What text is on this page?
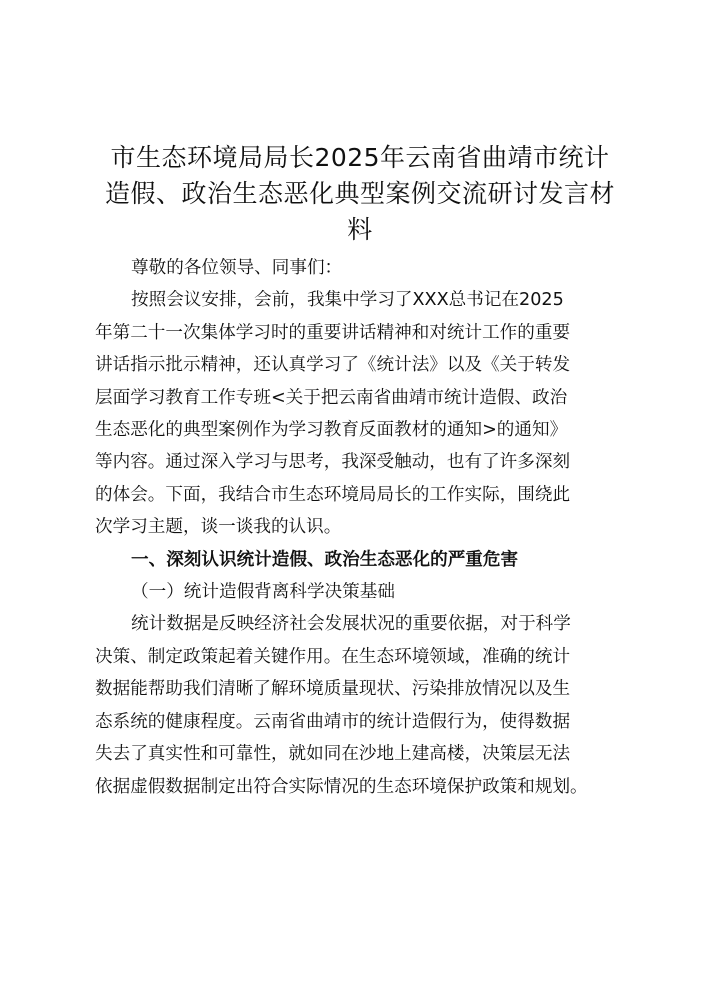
市生态环境局局长2025年云南省曲靖市统计
造假、政治生态恶化典型案例交流研讨发言材
料
尊敬的各位领导、同事们：
按照会议安排，会前，我集中学习了XXX总书记在2025
年第二十一次集体学习时的重要讲话精神和对统计工作的重要
讲话指示批示精神，还认真学习了《统计法》以及《关于转发
层面学习教育工作专班<关于把云南省曲靖市统计造假、政治
生态恶化的典型案例作为学习教育反面教材的通知>的通知》
等内容。通过深入学习与思考，我深受触动，也有了许多深刻
的体会。下面，我结合市生态环境局局长的工作实际，围绕此
次学习主题，谈一谈我的认识。
一、深刻认识统计造假、政治生态恶化的严重危害
（一）统计造假背离科学决策基础
统计数据是反映经济社会发展状况的重要依据，对于科学
决策、制定政策起着关键作用。在生态环境领域，准确的统计
数据能帮助我们清晰了解环境质量现状、污染排放情况以及生
态系统的健康程度。云南省曲靖市的统计造假行为，使得数据
失去了真实性和可靠性，就如同在沙地上建高楼，决策层无法
依据虚假数据制定出符合实际情况的生态环境保护政策和规划。
